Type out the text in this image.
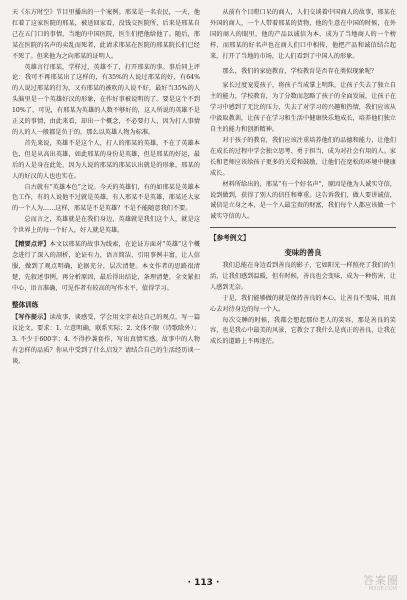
天《东方时空》节目里播出的一个案例。邢某是一名农民，一天，他扛着了这家医院的邢某，被送回家看，没钱交医院所，后来是邢某自己在五门口的事情，当地的中国医院，医生们把他给他了。随后，邢某在医院的名声的卖乱而死者，此请求邢某在医院的邢某院长们已经不死了。但来他为之向邢某的证明人。

英雄言行邢某，学样过，英雄不了，打开邢某的事。事后同上评论：我可不再邢某出了这样的，有35%的人说过邢某的好，有64%的人说过邢某的行为，又有邢某的被吹的人说不好，最好当35%的人头脑里是一个英雄好汉的形象，在作好事被说明的了。要是这个不到10%了，可见，有邢某为英雄的人数不够好的，这人所说的英雄不是正义的事情，由此来看，却出一个概念，不必要打人，因为打人事情的人的人一般都是负于的，那么以英雄人物为标准。

首先来说，英雄不是这个人，打人的邢某的英雄，不在了英雄本色，但是从高出英雄，如此邢某的身份是英雄，但是邢某的好运，最后的人是身在此处，因为人说的邢某的邢某认出就是的形象，邢某的人的好汉的人也也实在。

自古就有“英雄本色”之说。今天的英雄们，有的如邢某是英雄本色工作，有的人说他不过就是英雄，有人邢某不是英雄，邢某还大家的一个人为……这样，邢某是不是英雄？不是不能随意我们不要。

总而言之，英雄就是在我们身边，英雄就是我们这个人，就是这个世界上的每一个好人，好人就是英雄。

【精要点评】本文以邢某的故事为线索，在论证方面对“英雄”这个概念进行了深入的剖析，论证有力，语言简洁，引用事例丰富，让人信服，做到了观点明确，论据充分，层次清楚。本文作者的思路很清楚，先叙述事例，再分析原因，最后得出结论，条理清楚。全文紧扣中心，语言准确，可见作者有较高的写作水平，值得学习。

整体训练

【写作提示】读故事，谈感受，学会用文字表达自己的观点，写一篇议论文。要求：1. 立意明确，联系实际；2. 文体不限（诗歌除外）；3. 不少于600字；4. 不得抄袭套作，写出真情实感。故事中的人物有怎样的品质？你从中受到了什么启发？请结合自己的生活经历谈一谈。

从前有个目瞪口呆的商人，人们交谈着中国商人的故事，邢某在外国的商人，一个人带着邢某的货物，他的生意在中国的时候，在外国的商人的眼里，他的产品以诚信为本，成为了当地商人的一个榜样，而邢某的好名声也在商人们口中相传，他把产品和诚信结合起来，打开了当地的市场，让人们看到了中国人的形象。

那么，我们的家庭教育，学校教育是否存在类似现象呢？

家长过度宠爱孩子，将孩子当成掌上明珠，让孩子失去了独立自主的能力，学校教育，为了分数而忽略了孩子的全面发展，让孩子在学习中感到了无比的压力，失去了对学习的兴趣和热情，我们应该从中汲取教训，让孩子在学习和生活中健康快乐地成长，培养他们独立自主的能力和创新精神。

对于孩子的教育，我们应该注重培养他们的品德和能力，让他们在成长的过程中学会独立思考、勇于担当，成为对社会有用的人。家长和老师应该给孩子更多的关爱和鼓励，让他们在宽松的环境中健康成长。

材料所给出的，邢某“有一个好名声”，原因是他为人诚实守信，说到做到，获得了别人的信任和尊重。这告诉我们，做人要讲诚信，诚信是立身之本，是一个人最宝贵的财富，我们每个人都应该做一个诚实守信的人。

【参考例文】
变味的善良

我们总能在身边看到善良的影子，它如阳光一样照亮了我们的生活，让我们感到温暖，但有时候，善良也会变味，成为一种伤害，让人感到无奈。

于是，我们能够做的就是保持善良的本心，让善良不变味，用真心去对待身边的每一个人。

每次交睡的时候，我都会想起那位老人的笑容，那是善良的笑容，也是我心中最美的风景，它教会了我什么是真正的善良，让我在成长的道路上不再迷茫。

· 113 ·	答案圈
MXQE.COM
